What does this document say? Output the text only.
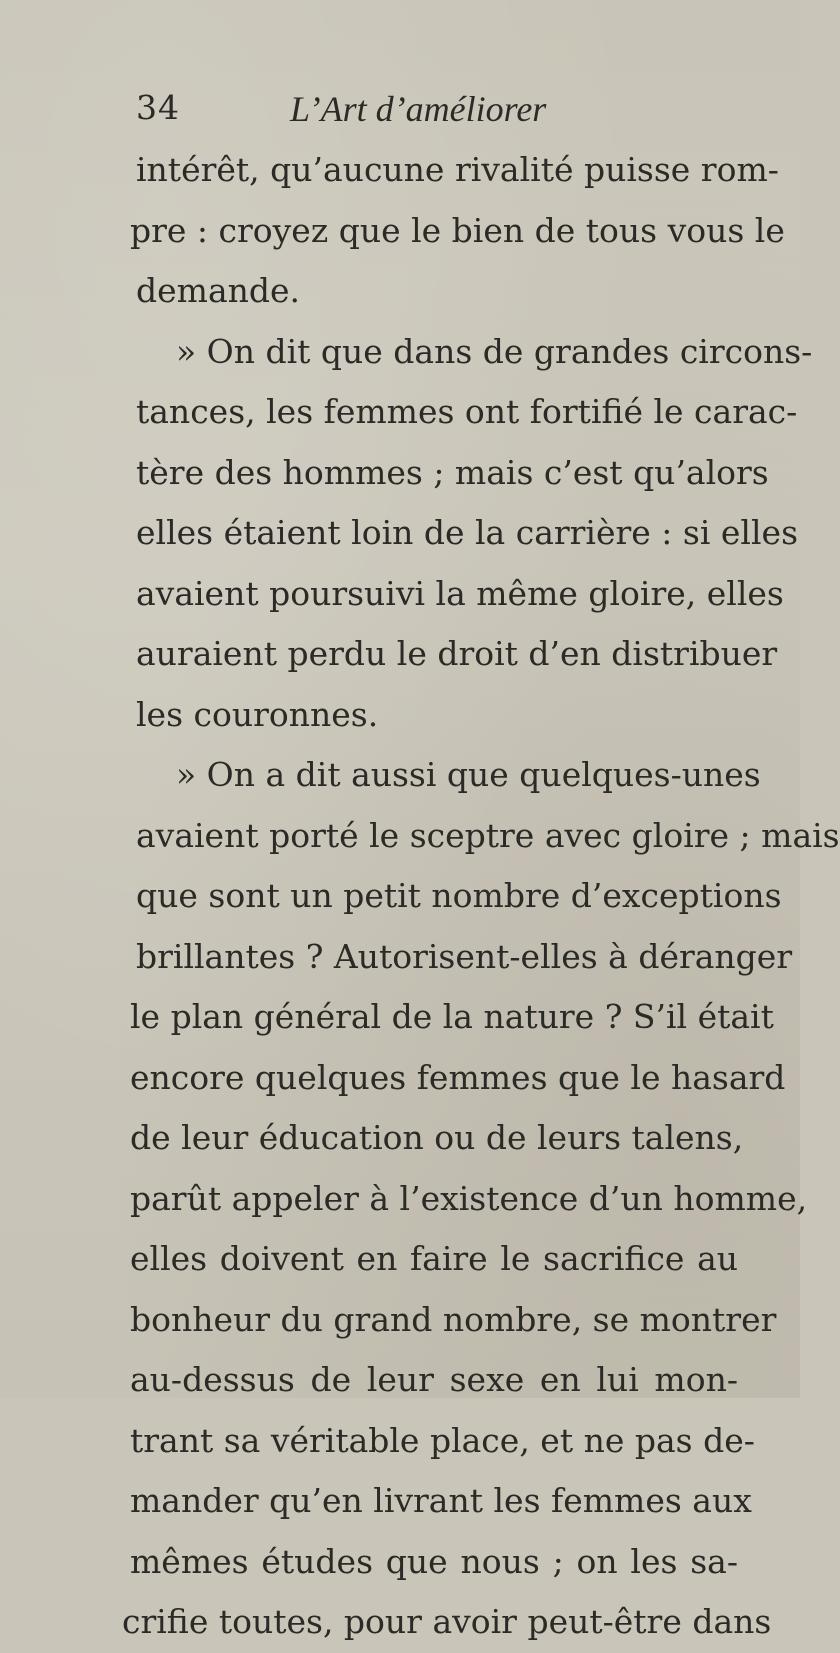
34	L’Art d’améliorer
intérêt, qu’aucune rivalité puisse rom-
pre : croyez que le bien de tous vous le
demande.
» On dit que dans de grandes circons-
tances, les femmes ont fortifié le carac-
tère des hommes ; mais c’est qu’alors
elles étaient loin de la carrière : si elles
avaient poursuivi la même gloire, elles
auraient perdu le droit d’en distribuer
les couronnes.
» On a dit aussi que quelques-unes
avaient porté le sceptre avec gloire ; mais
que sont un petit nombre d’exceptions
brillantes ? Autorisent-elles à déranger
le plan général de la nature ? S’il était
encore quelques femmes que le hasard
de leur éducation ou de leurs talens,
parût appeler à l’existence d’un homme,
elles doivent en faire le sacrifice au
bonheur du grand nombre, se montrer
au-dessus de leur sexe en lui mon-
trant sa véritable place, et ne pas de-
mander qu’en livrant les femmes aux
mêmes études que nous ; on les sa-
crifie toutes, pour avoir peut-être dans
